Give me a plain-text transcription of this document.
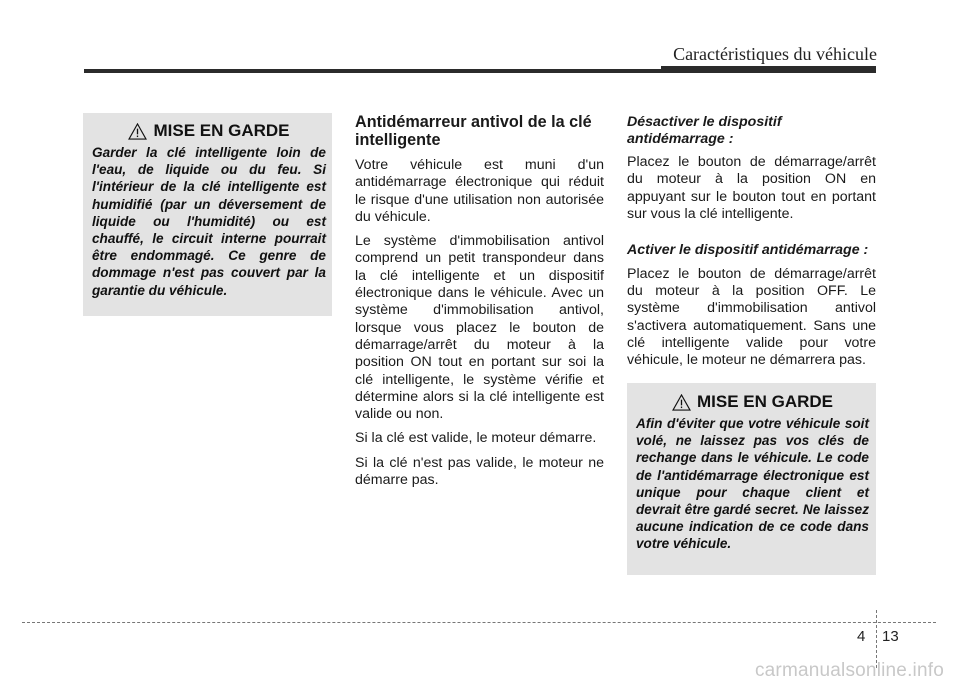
Caractéristiques du véhicule
MISE EN GARDE
Garder la clé intelligente loin de l'eau, de liquide ou du feu. Si l'intérieur de la clé intelligente est humidifié (par un déversement de liquide ou l'humidité) ou est chauffé, le circuit interne pourrait être endommagé. Ce genre de dommage n'est pas couvert par la garantie du véhicule.
Antidémarreur antivol de la clé intelligente

Votre véhicule est muni d'un antidémarrage électronique qui réduit le risque d'une utilisation non autorisée du véhicule.

Le système d'immobilisation antivol comprend un petit transpondeur dans la clé intelligente et un dispositif électronique dans le véhicule. Avec un système d'immobilisation antivol, lorsque vous placez le bouton de démarrage/arrêt du moteur à la position ON tout en portant sur soi la clé intelligente, le système vérifie et détermine alors si la clé intelligente est valide ou non.

Si la clé est valide, le moteur démarre.

Si la clé n'est pas valide, le moteur ne démarre pas.

Désactiver le dispositif antidémarrage :

Placez le bouton de démarrage/arrêt du moteur à la position ON en appuyant sur le bouton tout en portant sur vous la clé intelligente.

Activer le dispositif antidémarrage :

Placez le bouton de démarrage/arrêt du moteur à la position OFF. Le système d'immobilisation antivol s'activera automatiquement. Sans une clé intelligente valide pour votre véhicule, le moteur ne démarrera pas.

MISE EN GARDE
Afin d'éviter que votre véhicule soit volé, ne laissez pas vos clés de rechange dans le véhicule. Le code de l'antidémarrage électronique est unique pour chaque client et devrait être gardé secret. Ne laissez aucune indication de ce code dans votre véhicule.
4 13
carmanualsonline.info
